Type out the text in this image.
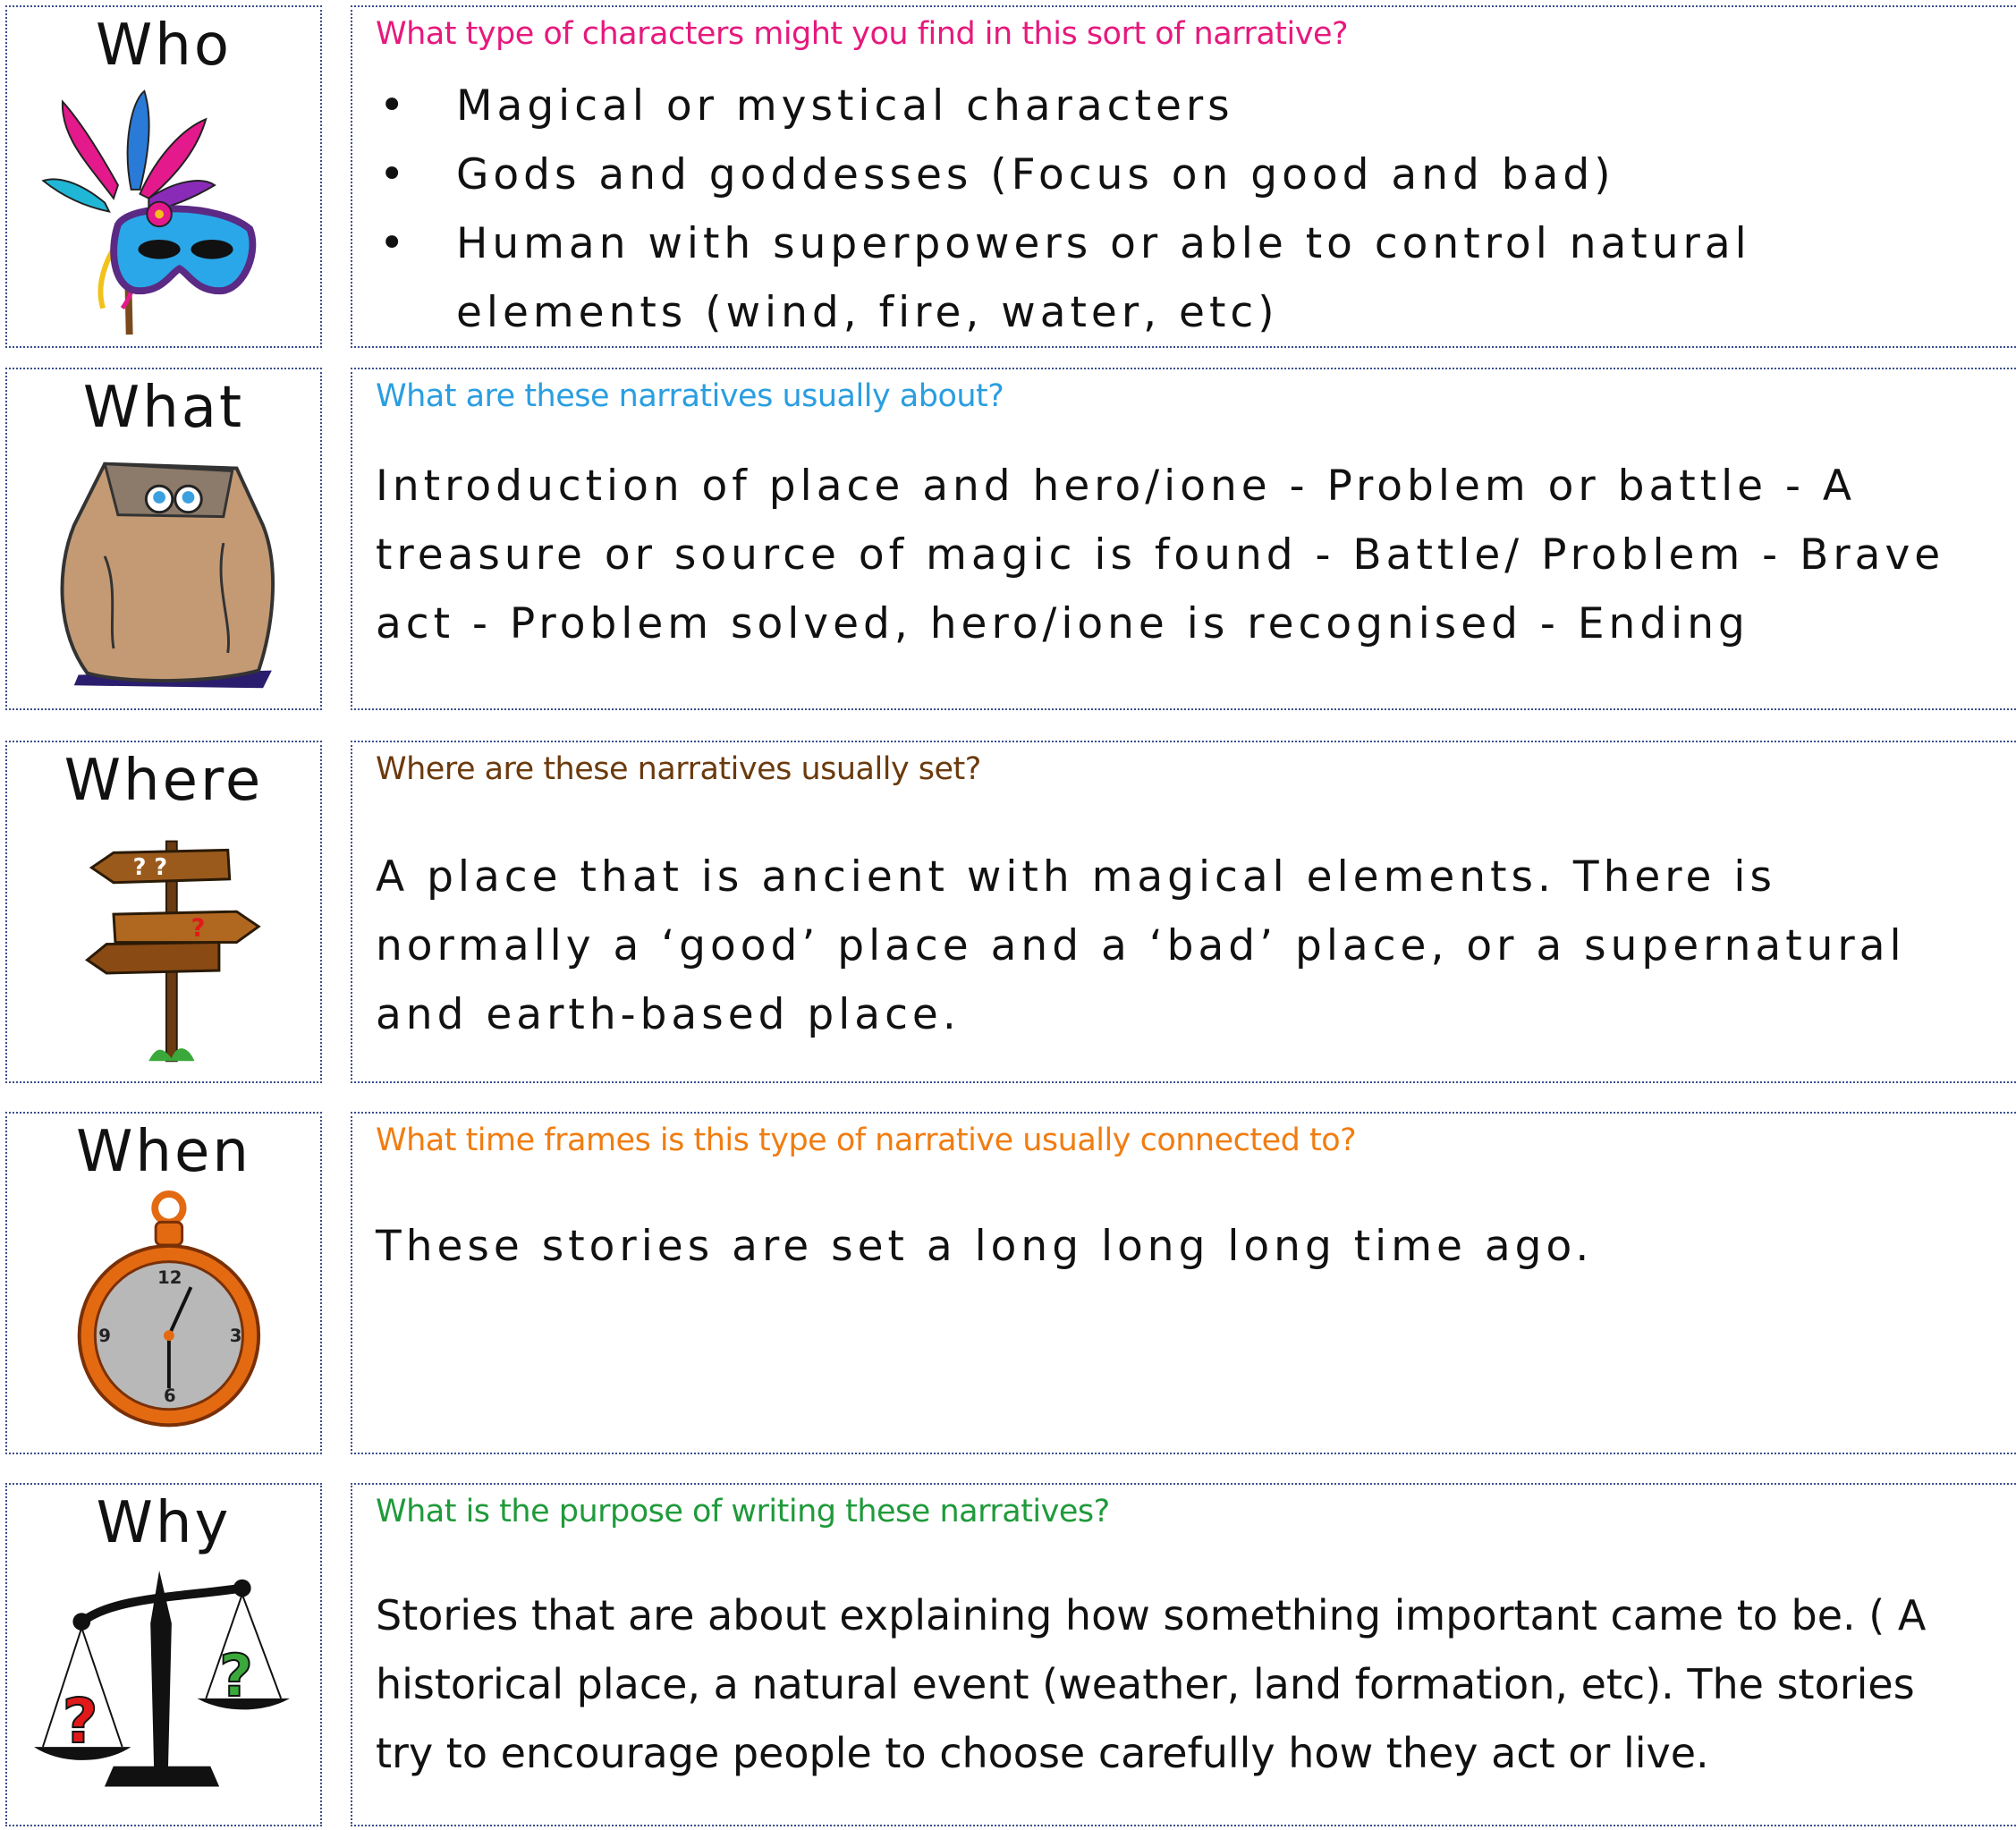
Who	What type of characters might you find in this sort of narrative?
• Magical or mystical characters
• Gods and goddesses (Focus on good and bad)
• Human with superpowers or able to control natural elements (wind, fire, water, etc)
What	What are these narratives usually about?

Introduction of place and hero/ione - Problem or battle - A treasure or source of magic is found - Battle/ Problem - Brave act - Problem solved, hero/ione is recognised - Ending

Where
? ?
?
Where are these narratives usually set?

A place that is ancient with magical elements. There is normally a ‘good’ place and a ‘bad’ place, or a supernatural and earth-based place.

When
12
3
6
9
What time frames is this type of narrative usually connected to?

These stories are set a long long long time ago.

Why
?
?
What is the purpose of writing these narratives?

Stories that are about explaining how something important came to be. ( A historical place, a natural event (weather, land formation, etc). The stories try to encourage people to choose carefully how they act or live.
